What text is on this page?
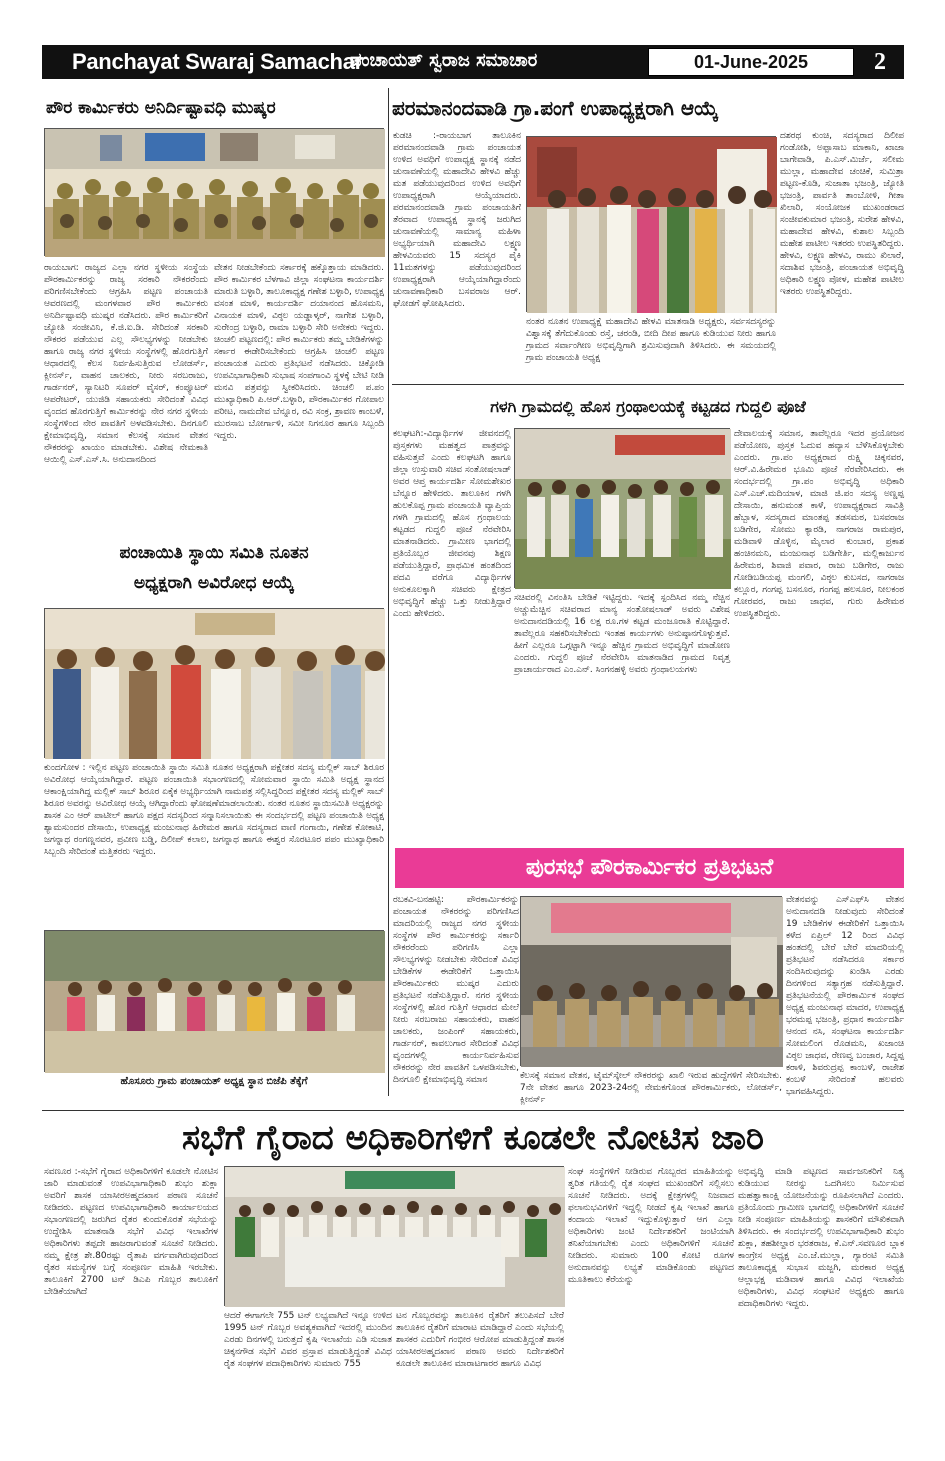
Panchayat Swaraj Samachar
ಪಂಚಾಯತ್ ಸ್ವರಾಜ ಸಮಾಚಾರ	01-June-2025	2
ಪೌರ ಕಾರ್ಮಿಕರು ಅನಿರ್ದಿಷ್ಟಾವಧಿ ಮುಷ್ಕರ
ರಾಯಬಾಗ: ರಾಜ್ಯದ ಎಲ್ಲಾ ನಗರ ಸ್ಥಳೀಯ ಸಂಸ್ಥೆಯ ಪೌರಕಾರ್ಮಿಕರನ್ನು ರಾಜ್ಯ ಸರಕಾರಿ ನೌಕರರೆಂದು ಪರಿಗಣಿಸಬೇಕೆಂದು ಆಗ್ರಹಿಸಿ ಪಟ್ಟಣ ಪಂಚಾಯತಿ ಆವರಣದಲ್ಲಿ ಮಂಗಳವಾರ ಪೌರ ಕಾರ್ಮಿಕರು ಅನಿರ್ದಿಷ್ಟಾವಧಿ ಮುಷ್ಕರ ನಡೆಸಿದರು. ಪೌರ ಕಾರ್ಮಿಕರಿಗೆ ಜ್ಯೋತಿ ಸಂಜೀವಿನಿ, ಕೆ.ಜಿ.ಐ.ಡಿ. ಸೇರಿದಂತೆ ಸರಕಾರಿ ನೌಕರರ ಪಡೆಯುವ ಎಲ್ಲ ಸೌಲಭ್ಯಗಳನ್ನು ನೀಡಬೇಕು ಹಾಗೂ ರಾಜ್ಯ ನಗರ ಸ್ಥಳೀಯ ಸಂಸ್ಥೆಗಳಲ್ಲಿ ಹೊರಗುತ್ತಿಗೆ ಆಧಾರದಲ್ಲಿ ಕೆಲಸ ನಿರ್ವಹಿಸುತ್ತಿರುವ ಲೋಡರ್ಸ್, ಕ್ಲೀನರ್ಸ್, ವಾಹನ ಚಾಲಕರು, ನೀರು ಸರಬರಾಜು, ಗಾರ್ಡನರ್, ಸ್ಯಾನಿಟರಿ ಸೂಪರ್ ವೈಸರ್, ಕಂಪ್ಯೂಟರ್ ಆಪರೇಟರ್, ಯುಜಿಡಿ ಸಹಾಯಕರು ಸೇರಿದಂತೆ ವಿವಿಧ ವೃಂದದ ಹೊರಗುತ್ತಿಗೆ ಕಾರ್ಮಿಕರನ್ನು ನೇರ ನಗರ ಸ್ಥಳೀಯ ಸಂಸ್ಥೆಗಳಿಂದ ನೇರ ಪಾವತಿಗೆ ಅಳವಡಿಸಬೇಕು. ದಿನಗೂಲಿ ಕ್ಷೇಮಾಭಿವೃದ್ಧಿ, ಸಮಾನ ಕೆಲಸಕ್ಕೆ ಸಮಾನ ವೇತನ ನೌಕರರನ್ನು ಖಾಯಂ ಮಾಡಬೇಕು. ವಿಶೇಷ ನೇಮಕಾತಿ ಆಯಿಲ್ಲಿ ಎಸ್.ಎಸ್.ಸಿ. ಅನುದಾನದಿಂದ
ವೇತನ ನೀಡಬೇಕೆಂದು ಸರ್ಕಾರಕ್ಕೆ ಹಕ್ಕೊತ್ತಾಯ ಮಾಡಿದರು. ಪೌರ ಕಾರ್ಮಿಕರ ಬೆಳಗಾವಿ ಜಿಲ್ಲಾ ಸಂಘಟನಾ ಕಾರ್ಯದರ್ಶಿ ಮಾರುತಿ ಬಳ್ಳಾರಿ, ತಾಲೂಕಾಧ್ಯಕ್ಷ ಗಣೇಶ ಬಳ್ಳಾರಿ, ಉಪಾಧ್ಯಕ್ಷ ವಸಂತ ಮಾಳಿ, ಕಾರ್ಯದರ್ಶಿ ದಯಾನಂದ ಹೊಸಮನಿ, ವಿನಾಯಕ ಮಾಳಿ, ವಿಠ್ಠಲ ಯಡ್ಡಾಳ್ಕರ್, ನಾಗೇಶ ಬಳ್ಳಾರಿ, ಸುರೇಂದ್ರ ಬಳ್ಳಾರಿ, ರಾಮಾ ಬಳ್ಳಾರಿ ಸೇರಿ ಅನೇಕರು ಇದ್ದರು. ಚಿಂಚಲಿ ಪಟ್ಟಣದಲ್ಲಿ: ಪೌರ ಕಾರ್ಮಿಕರು ತಮ್ಮ ಬೇಡಿಕೆಗಳನ್ನು ಸರ್ಕಾರ ಈಡೇರಿಸಬೇಕೆಂದು ಆಗ್ರಹಿಸಿ ಚಿಂಚಲಿ ಪಟ್ಟಣ ಪಂಚಾಯತ ಎದುರು ಪ್ರತಿಭಟನೆ ನಡೆಸಿದರು. ಚಿಕ್ಕೋಡಿ ಉಪವಿಭಾಗಾಧಿಕಾರಿ ಸುಭಾಷ ಸಂಪಗಾಂವಿ ಸ್ಥಳಕ್ಕೆ ಬೇಟಿ ನೀಡಿ ಮನವಿ ಪತ್ರವನ್ನು ಸ್ವೀಕರಿಸಿದರು. ಚಿಂಚಲಿ ಪ.ಪಂ ಮುಖ್ಯಾಧಿಕಾರಿ ಪಿ.ಆರ್.ಬಳ್ಳಾರಿ, ಪೌರಕಾರ್ಮಿಕರ ಗೋಪಾಲ ಪರೀಟ, ನಾಮದೇವ ಬೆನ್ನೂರ, ರವಿ ಸಂಕ್ರ, ಶ್ರಾವಣ ಕಾಂಬಳೆ, ಮುರಸಾಬ ಬೋರ್ಗಾಳಿ, ಸಮೀ ನಿಗನೂರ ಹಾಗೂ ಸಿಬ್ಬಂದಿ ಇದ್ದರು.
ಪಂಚಾಯಿತಿ ಸ್ಥಾಯಿ ಸಮಿತಿ ನೂತನ
ಅಧ್ಯಕ್ಷರಾಗಿ ಅವಿರೋಧ ಆಯ್ಕೆ
ಕುಂದಗೋಳ : ಇಲ್ಲಿನ ಪಟ್ಟಣ ಪಂಚಾಯಿತಿ ಸ್ಥಾಯಿ ಸಮಿತಿ ನೂತನ ಅಧ್ಯಕ್ಷರಾಗಿ ಪಕ್ಷೇತರ ಸದಸ್ಯ ಮಲ್ಲಿಕ್ ಸಾಬ್ ಶಿರೂರ ಅವಿರೋಧ ಆಯ್ಕೆಯಾಗಿದ್ದಾರೆ. ಪಟ್ಟಣ ಪಂಚಾಯಿತಿ ಸಭಾಂಗಣದಲ್ಲಿ ಸೋಮವಾರ ಸ್ಥಾಯಿ ಸಮಿತಿ ಅಧ್ಯಕ್ಷ ಸ್ಥಾನದ ಆಕಾಂಕ್ಷಿಯಾಗಿದ್ದ ಮಲ್ಲಿಕ್ ಸಾಬ್ ಶಿರೂರ ಏಕೈಕ ಅಭ್ಯರ್ಥಿಯಾಗಿ ನಾಮಪತ್ರ ಸಲ್ಲಿಸಿದ್ದರಿಂದ ಪಕ್ಷೇತರ ಸದಸ್ಯ ಮಲ್ಲಿಕ್ ಸಾಬ್ ಶಿರೂರ ಅವರನ್ನು ಅವಿರೋಧ ಆಯ್ಕೆ ಆಗಿದ್ದಾರೆಂದು ಘೋಷಣೆಮಾಡಲಾಯಿತು. ನಂತರ ನೂತನ ಸ್ಥಾಯಿಸಮಿತಿ ಅಧ್ಯಕ್ಷರನ್ನು ಶಾಸಕ ಎಂ ಆರ್ ಪಾಟೀಲ್ ಹಾಗೂ ಪಕ್ಷದ ಸದಸ್ಯರಿಂದ ಸನ್ಮಾನಿಸಲಾಯಿತು ಈ ಸಂದರ್ಭದಲ್ಲಿ ಪಟ್ಟಣ ಪಂಚಾಯಿತಿ ಅಧ್ಯಕ್ಷ ಶ್ಯಾಮಸುಂದರ ದೇಸಾಯಿ, ಉಪಾಧ್ಯಕ್ಷ ಮಂಜುನಾಥ ಹಿರೇಮಠ ಹಾಗೂ ಸದಸ್ಯರಾದ ವಾಣಿ ಗಂಗಾಯಿ, ಗಣೇಶ ಕೋಕಾಟಿ, ಜಗನ್ನಾಥ ರಂಗಣ್ಣನವರ, ಪ್ರವೀಣ ಬಡ್ಡಿ, ದಿಲೀಪ್ ಕಲಾಲ, ಜಗನ್ನಾಥ ಹಾಗೂ ಈಶ್ವರ ಸೊರಟೂರ ಪಪಂ ಮುಖ್ಯಾಧಿಕಾರಿ ಸಿಬ್ಬಂದಿ ಸೇರಿದಂತೆ ಮತ್ತಿತರರು ಇದ್ದರು.
ಹೊಸೂರು ಗ್ರಾಮ ಪಂಚಾಯತ್ ಅಧ್ಯಕ್ಷ ಸ್ಥಾನ ಬಿಜೆಪಿ ತೆಕ್ಕೆಗೆ
ಪರಮಾನಂದವಾಡಿ ಗ್ರಾ.ಪಂಗೆ ಉಪಾಧ್ಯಕ್ಷರಾಗಿ ಆಯ್ಕೆ
ಕುಡಚಿ :-ರಾಯಬಾಗ ತಾಲೂಕಿನ ಪರಮಾನಂದವಾಡಿ ಗ್ರಾಮ ಪಂಚಾಯತ ಉಳಿದ ಅವಧಿಗೆ ಉಪಾಧ್ಯಕ್ಷ ಸ್ಥಾನಕ್ಕೆ ನಡೆದ ಚುನಾವಣೆಯಲ್ಲಿ ಮಹಾದೇವಿ ಹೇಳವಿ ಹೆಚ್ಚು ಮತ ಪಡೆಯುವುದರಿಂದ ಉಳಿದ ಅವಧಿಗೆ ಉಪಾಧ್ಯಕ್ಷರಾಗಿ ಆಯ್ಕೆಯಾದರು. ಪರಮಾನಂದವಾಡಿ ಗ್ರಾಮ ಪಂಚಾಯತಿಗೆ ತೆರವಾದ ಉಪಾಧ್ಯಕ್ಷ ಸ್ಥಾನಕ್ಕೆ ಜರುಗಿದ ಚುನಾವಣೆಯಲ್ಲಿ ಸಾಮಾನ್ಯ ಮಹಿಳಾ ಅಭ್ಯರ್ಥಿಯಾಗಿ ಮಹಾದೇವಿ ಲಕ್ಷ್ಮಣ ಹೇಳವಿಯವರು 15 ಸದಸ್ಯರ ಪೈಕಿ 11ಮತಗಳನ್ನು ಪಡೆಯುವುದರಿಂದ ಉಪಾಧ್ಯಕ್ಷರಾಗಿ ಆಯ್ಕೆಯಾಗಿದ್ದಾರೆಂದು ಚುನಾವಣಾಧಿಕಾರಿ ಬಸವರಾಜ ಆರ್. ಘೋಡಗೆ ಘೋಷಿಸಿದರು.
ನಂತರ ನೂತನ ಉಪಾಧ್ಯಕ್ಷೆ ಮಹಾದೇವಿ ಹೇಳವಿ ಮಾತನಾಡಿ ಅಧ್ಯಕ್ಷರು, ಸರ್ವಸದಸ್ಯರನ್ನು ವಿಶ್ವಾಸಕ್ಕೆ ತೆಗೆದುಕೊಂಡು ರಸ್ತೆ, ಚರಂಡಿ, ಬೀದಿ ದೀಪ ಹಾಗೂ ಕುಡಿಯುವ ನೀರು ಹಾಗೂ ಗ್ರಾಮದ ಸರ್ವಾಂಗೀಣ ಅಭಿವೃದ್ಧಿಗಾಗಿ ಶ್ರಮಿಸುವುದಾಗಿ ತಿಳಿಸಿದರು. ಈ ಸಮಯದಲ್ಲಿ ಗ್ರಾಮ ಪಂಚಾಯತಿ ಅಧ್ಯಕ್ಷ
ದಶರಥ ಕುಂಚಿ, ಸದಸ್ಯರಾದ ದಿಲೀಪ ಗಂಡೋಶಿ, ಅಪ್ಪಾಸಾಬ ಮಾಕಾನಿ, ಖಾಜಾ ಬಾಗೇವಾಡಿ, ಪಿ.ಎಸ್.ಮಿರ್ಜೆ, ಸಲೀಮ ಮುಲ್ಲಾ, ಮಹಾದೇವ ಚಂಚಿಕೆ, ಸುಮಿತ್ರಾ ಪಟ್ಟಣ-ಕೊಡಿ, ಸುಜಾತಾ ಭಜಂತ್ರಿ, ಜ್ಯೋತಿ ಭಜಂತ್ರಿ, ಪಾರ್ವತಿ ತಾಂಬೋಳಿ, ಗೀತಾ ಖಿಲಾರಿ, ಸಂಯೋಜಕ ಮುಖಂಡರಾದ ಸಂಜೀವಕುಮಾರ ಭಜಂತ್ರಿ, ಸುರೇಶ ಹೇಳವಿ, ಮಹಾದೇವ ಹೇಳವಿ, ಕುಶಾಲ ಸಿಬ್ಬಂದಿ ಮಹೇಶ ಪಾಟೀಲ ಇತರರು ಉಪಸ್ಥಿತರಿದ್ದರು. ಹೇಳವಿ, ಲಕ್ಷ್ಮಣ ಹೇಳವಿ, ರಾಮು ಖಿಲಾರೆ, ಸದಾಶಿವ ಭಜಂತ್ರಿ, ಪಂಚಾಯತ ಅಭಿವೃದ್ಧಿ ಅಧಿಕಾರಿ ಲಕ್ಷ್ಮಣ ಪೋಳ, ಮಹೇಶ ಪಾಟೀಲ ಇತರರು ಉಪಸ್ಥಿತರಿದ್ದರು.
ಗಳಗಿ ಗ್ರಾಮದಲ್ಲಿ ಹೊಸ ಗ್ರಂಥಾಲಯಕ್ಕೆ ಕಟ್ಟಡದ ಗುದ್ದಲಿ ಪೂಜೆ
ಕಲಘಟಗಿ:-ವಿದ್ಯಾರ್ಥಿಗಳ ಜೀವನದಲ್ಲಿ ಪುಸ್ತಕಗಳು ಮಹತ್ವದ ಪಾತ್ರವನ್ನು ವಹಿಸುತ್ತವೆ ಎಂದು ಕಲಘಟಗಿ ಹಾಗೂ ಜಿಲ್ಲಾ ಉಸ್ತುವಾರಿ ಸಚಿವ ಸಂತೋಷಲಾಡ್ ಅವರ ಆಪ್ತ ಕಾರ್ಯದರ್ಶಿ ಸೋಮಶೇಖರ ಬೆನ್ನೂರ ಹೇಳಿದರು. ತಾಲೂಕಿನ ಗಳಗಿ ಹುಲಕೊಪ್ಪ ಗ್ರಾಮ ಪಂಚಾಯತಿ ವ್ಯಾಪ್ತಿಯ ಗಳಗಿ ಗ್ರಾಮದಲ್ಲಿ ಹೊಸ ಗ್ರಂಥಾಲಯ ಕಟ್ಟಡದ ಗುದ್ದಲಿ ಪೂಜೆ ನೆರವೇರಿಸಿ ಮಾತನಾಡಿದರು. ಗ್ರಾಮೀಣ ಭಾಗದಲ್ಲಿ ಪ್ರತಿಯೊಬ್ಬರ ಜೀವನವು ಶಿಕ್ಷಣ ಪಡೆಯುತ್ತಿದ್ದಾರೆ, ಪ್ರಾಥಮಿಕ ಹಂತದಿಂದ ಪದವಿ ವರೆಗೂ ವಿದ್ಯಾರ್ಥಿಗಳ ಅನುಕೂಲಕ್ಕಾಗಿ ಸಚಿವರು ಕ್ಷೇತ್ರದ ಅಭಿವೃದ್ಧಿಗೆ ಹೆಚ್ಚು ಒತ್ತು ನೀಡುತ್ತಿದ್ದಾರೆ ಎಂದು ಹೇಳಿದರು.
ಸಚಿವರಲ್ಲಿ ವಿನಂತಿಸಿ ಬೇಡಿಕೆ ಇಟ್ಟಿದ್ದರು. ಇದಕ್ಕೆ ಸ್ಪಂದಿಸಿದ ನಮ್ಮ ನೆಚ್ಚಿನ ಅಚ್ಚುಮೆಚ್ಚಿನ ಸಚಿವರಾದ ಮಾನ್ಯ ಸಂತೋಷಲಾಡ್ ಅವರು ವಿಶೇಷ ಅನುದಾನದಡಿಯಲ್ಲಿ 16 ಲಕ್ಷ ರೂ.ಗಳ ಕಟ್ಟಡ ಮಂಜೂರಾತಿ ಕೊಟ್ಟಿದ್ದಾರೆ. ತಾವೆಲ್ಲರೂ ಸಹಕರಿಸಬೇಕೆಂದು ಇಂತಹ ಕಾರ್ಯಗಳು ಅನುಷ್ಠಾನಗೊಳ್ಳುತ್ತವೆ. ಹೀಗೆ ಎಲ್ಲರೂ ಒಗ್ಗಟ್ಟಾಗಿ ಇನ್ನೂ ಹೆಚ್ಚಿನ ಗ್ರಾಮದ ಅಭಿವೃದ್ಧಿಗೆ ಮಾಡೋಣ ಎಂದರು. ಗುದ್ದಲಿ ಪೂಜೆ ನೆರವೇರಿಸಿ ಮಾತನಾಡಿದ ಗ್ರಾಮದ ನಿವೃತ್ತ ಪ್ರಾಚಾರ್ಯರಾದ ಎಂ.ಎನ್. ಸಿಂಗನಹಳ್ಳಿ ಅವರು ಗ್ರಂಥಾಲಯಗಳು
ದೇವಾಲಯಕ್ಕೆ ಸಮಾನ, ತಾವೆಲ್ಲರೂ ಇದರ ಪ್ರಯೋಜನ ಪಡೆಯೋಣ, ಪುಸ್ತಕ ಓದುವ ಹವ್ಯಾಸ ಬೆಳೆಸಿಕೊಳ್ಳಬೇಕು ಎಂದರು. ಗ್ರಾ.ಪಂ ಅಧ್ಯಕ್ಷರಾದ ರುಕ್ಷ್ಮಿ ಚಿಕ್ಕನವರ, ಆರ್.ವಿ.ಹಿರೇಮಠ ಭೂಮಿ ಪೂಜೆ ನೆರವೇರಿಸಿದರು. ಈ ಸಂದರ್ಭದಲ್ಲಿ ಗ್ರಾ.ಪಂ ಅಭಿವೃದ್ಧಿ ಅಧಿಕಾರಿ ಎಸ್.ಎಚ್.ಮದಿಯಾಳ, ಮಾಜಿ ಜಿ.ಪಂ ಸದಸ್ಯ ಅಣ್ಣಪ್ಪ ದೇಸಾಯಿ, ಹನುಮಂತ ಕಾಳೆ, ಉಪಾಧ್ಯಕ್ಷರಾದ ಸಾವಿತ್ರಿ ಹೆಬ್ಬಾಳ, ಸದಸ್ಯರಾದ ಮಾಂತಪ್ಪ ತಡಸಮಠ, ಬಸವರಾಜ ಬಡಿಗೇರ, ಸೋಮು ಕ್ಯಾರಡಿ, ನಾಗರಾಜ ರಾಮಪುರ, ಮಡಿವಾಳಿ ಡೊಳ್ಳಿನ, ಮೈಲಾರ ಕುಂಬಾರ, ಪ್ರಕಾಶ ಹಂಚಿನಮನಿ, ಮಂಜುನಾಥ ಬಡಿಗೇರ್ತಿ, ಮಲ್ಲಿಕಾರ್ಜುನ ಹಿರೇಮಠ, ಶಿವಾಜಿ ಪವಾರ, ರಾಜು ಬಡಿಗೇರ, ರಾಜು ಗೋಡಿಬಡಿಯಪ್ಪ ಮಂಗಲಿ, ವಿಠ್ಠಲ ಕುಬಸದ, ನಾಗರಾಜ ಕಲ್ಲೂರ, ಗಂಗಪ್ಪ ಬಸನೂರ, ಗಂಗಪ್ಪ ಹಲಸೂರ, ನೀಲಕಂಠ ಗೋರವರ, ರಾಜು ಜಾಧವ, ಗುರು ಹಿರೇಮಠ ಉಪಸ್ಥಿತರಿದ್ದರು.
ಪುರಸಭೆ ಪೌರಕಾರ್ಮಿಕರ ಪ್ರತಿಭಟನೆ
ರಬಕವಿ-ಬನಹಟ್ಟಿ: ಪೌರಕಾರ್ಮಿಕರನ್ನು ಪಂಚಾಯತ ನೌಕರರನ್ನು ಪರಿಗಣಿಸಿದ ಮಾದರಿಯಲ್ಲಿ ರಾಜ್ಯದ ನಗರ ಸ್ಥಳೀಯ ಸಂಸ್ಥೆಗಳ ಪೌರ ಕಾರ್ಮಿಕರನ್ನು ಸರ್ಕಾರಿ ನೌಕರರೆಂದು ಪರಿಗಣಿಸಿ ಎಲ್ಲಾ ಸೌಲಭ್ಯಗಳನ್ನು ನೀಡಬೇಕು ಸೇರಿದಂತೆ ವಿವಿಧ ಬೇಡಿಕೆಗಳ ಈಡೇರಿಕೆಗೆ ಒತ್ತಾಯಿಸಿ ಪೌರಕಾರ್ಮಿಕರು ಮುಷ್ಕರ ಎದುರು ಪ್ರತಿಭಟನೆ ನಡೆಸುತ್ತಿದ್ದಾರೆ. ನಗರ ಸ್ಥಳೀಯ ಸಂಸ್ಥೆಗಳಲ್ಲಿ ಹೊರ ಗುತ್ತಿಗೆ ಆಧಾರದ ಮೇಲೆ ನೀರು ಸರಬರಾಜು ಸಹಾಯಕರು, ವಾಹನ ಚಾಲಕರು, ಜಂಪಿಂಗ್ ಸಹಾಯಕರು, ಗಾರ್ಡನರ್, ಕಾವಲುಗಾರ ಸೇರಿದಂತೆ ವಿವಿಧ ವೃಂದಗಳಲ್ಲಿ ಕಾರ್ಯನಿರ್ವಹಿಸುವ ನೌಕರರನ್ನು ನೇರ ಪಾವತಿಗೆ ಒಳಪಡಿಸಬೇಕು, ದಿನಗೂಲಿ ಕ್ಷೇಮಾಭಿವೃದ್ಧಿ ಸಮಾನ	ಕೆಲಸಕ್ಕೆ ಸಮಾನ ವೇತನ, ಟೈಮ್‌ಸ್ಕೇಲ್ ನೌಕರರನ್ನು ಖಾಲಿ ಇರುವ ಹುದ್ದೆಗಳಿಗೆ ಸೇರಿಸಬೇಕು. 7ನೇ ವೇತನ ಹಾಗೂ 2023-24ರಲ್ಲಿ ನೇಮಕಗೊಂಡ ಪೌರಕಾರ್ಮಿಕರು, ಲೋಡರ್ಸ್, ಕ್ಲೀನರ್ಸ್
ವೇತನವನ್ನು ಎಸ್‌ಎಫ್‌ಸಿ ವೇತನ ಅನುದಾನದಡಿ ನೀಡುವುದು ಸೇರಿದಂತೆ 19 ಬೇಡಿಕೆಗಳ ಈಡೇರಿಕೆಗೆ ಒತ್ತಾಯಿಸಿ ಕಳೆದ ಏಪ್ರಿಲ್ 12 ರಿಂದ ವಿವಿಧ ಹಂತದಲ್ಲಿ ಬೇರೆ ಬೇರೆ ಮಾದರಿಯಲ್ಲಿ ಪ್ರತಿಭಟನೆ ನಡೆಸಿದರೂ ಸರ್ಕಾರ ಸಂದಿಸಿರುವುದನ್ನು ಖಂಡಿಸಿ ಎರಡು ದಿನಗಳಿಂದ ಸತ್ಯಾಗ್ರಹ ನಡೆಸುತ್ತಿದ್ದಾರೆ. ಪ್ರತಿಭಟನೆಯಲ್ಲಿ ಪೌರಕಾರ್ಮಿಕ ಸಂಘದ ಅಧ್ಯಕ್ಷ ಮಂಜುನಾಥ ಮಾದರ, ಉಪಾಧ್ಯಕ್ಷ ಭರಮಪ್ಪ ಭಜಂತ್ರಿ, ಪ್ರಧಾನ ಕಾರ್ಯದರ್ಶಿ ಆನಂದ ನಸಿ, ಸಂಘಟನಾ ಕಾರ್ಯದರ್ಶಿ ಸೋಮಲಿಂಗ ರೊಡಮನಿ, ಖಜಾಂಚಿ ವಿಠ್ಠಲ ಜಾಧವ, ರೇಣವ್ವ ಬಂಜಾರ, ಸಿದ್ದಪ್ಪ ಕರಾಳಿ, ಶಿವರುದ್ರಪ್ಪ ಕಾಂಬಳೆ, ರಾಜೇಶ ಕಂಬಳೆ ಸೇರಿದಂತೆ ಹಲವರು ಭಾಗವಹಿಸಿದ್ದರು.
ಸಭೆಗೆ ಗೈರಾದ ಅಧಿಕಾರಿಗಳಿಗೆ ಕೂಡಲೇ ನೋಟಿಸ ಜಾರಿ
ಸವಣೂರ :-ಸಭೆಗೆ ಗೈರಾದ ಅಧಿಕಾರಿಗಳಿಗೆ ಕೂಡಲೇ ನೋಟಿಸ ಜಾರಿ ಮಾಡುವಂತೆ ಉಪವಿಭಾಗಾಧಿಕಾರಿ ಶುಭಂ ಶುಕ್ಲಾ ಅವರಿಗೆ ಶಾಸಕ ಯಾಸೀರಅಹ್ಮದಖಾನ ಪಠಾಣ ಸೂಚನೆ ನೀಡಿದರು. ಪಟ್ಟಣದ ಉಪವಿಭಾಗಾಧಿಕಾರಿ ಕಾರ್ಯಾಲಯದ ಸಭಾಂಗಣದಲ್ಲಿ ಜರುಗಿದ ರೈತರ ಕುಂದುಕೊರತೆ ಸಭೆಯನ್ನು ಉದ್ದೇಶಿಸಿ ಮಾತನಾಡಿ ಸಭೆಗೆ ವಿವಿಧ ಇಲಾಖೆಗಳ ಅಧಿಕಾರಿಗಳು ತಪ್ಪದೇ ಹಾಜರಾಗುವಂತೆ ಸೂಚನೆ ನೀಡಿದರು. ನಮ್ಮ ಕ್ಷೇತ್ರ ಶೇ.80ರಷ್ಟು ರೈತಾಪಿ ವರ್ಗವಾಗಿರುವುದರಿಂದ ರೈತರ ಸಮಸ್ಯೆಗಳ ಬಗ್ಗೆ ಸಂಪೂರ್ಣ ಮಾಹಿತಿ ಇರಬೇಕು. ತಾಲೂಕಿಗೆ 2700 ಟನ್ ಡಿಎಪಿ ಗೊಬ್ಬರ ತಾಲೂಕಿಗೆ ಬೇಡಿಕೆಯಾಗಿದೆ
ಆದರೆ ಈಗಾಗಲೇ 755 ಟನ್ ಲಭ್ಯವಾಗಿದೆ ಇನ್ನೂ ಉಳಿದ 1995 ಟನ್ ಗೊಬ್ಬರ ಅವಶ್ಯಕವಾಗಿದೆ ಇದರಲ್ಲಿ ಮುಂದಿನ ಎರಡು ದಿನಗಳಲ್ಲಿ ಬರುತ್ತದೆ ಕೃಷಿ ಇಲಾಖೆಯ ಎಡಿ ಸುಜಾತ ಚಿಕ್ಕನಗೌಡ ಸಭೆಗೆ ವಿವರ ಪ್ರಸ್ತಾಪ ಮಾಡುತ್ತಿದ್ದಂತೆ ವಿವಿಧ ರೈತ ಸಂಘಗಳ ಪದಾಧಿಕಾರಿಗಳು ಸುಮಾರು 755
ಟನ ಗೊಬ್ಬರವನ್ನು ತಾಲೂಕಿನ ರೈತರಿಗೆ ತಲುಪಿಸದೆ ಬೇರೆ ತಾಲೂಕಿನ ರೈತರಿಗೆ ಮಾರಾಟ ಮಾಡಿದ್ದಾರೆ ಎಂದು ಸಭೆಯಲ್ಲಿ ಶಾಸಕರ ಎದುರಿಗೆ ಗಂಭೀರ ಆರೋಪ ಮಾಡುತ್ತಿದ್ದಂತೆ ಶಾಸಕ ಯಾಸೀರಅಹ್ಮದಖಾನ ಪಠಾಣ ಅವರು ನಿರ್ದೇಶಕರಿಗೆ ಕೂಡಲೇ ತಾಲೂಕಿನ ಮಾರಾಟಗಾರರ ಹಾಗೂ ವಿವಿಧ
ಸಂಘ ಸಂಸ್ಥೆಗಳಿಗೆ ನೀಡಿರುವ ಗೊಬ್ಬರದ ಮಾಹಿತಿಯನ್ನು ತ್ವರಿತ ಗತಿಯಲ್ಲಿ ರೈತ ಸಂಘದ ಮುಖಂಡರಿಗೆ ಸಲ್ಲಿಸಲು ಸೂಚನೆ ನೀಡಿದರು. ಅದಕ್ಕೆ ಕ್ಷೇತ್ರಗಳಲ್ಲಿ ನಿಜವಾದ ಫಲಾನುಭವಿಗಳಿಗೆ ಇದ್ದಲ್ಲಿ ನೀಡದೆ ಕೃಷಿ ಇಲಾಖೆ ಹಾಗೂ ಕಂದಾಯ ಇಲಾಖೆ ಇದ್ದುಕೊಳ್ಳುತ್ತಾರೆ ಆಗ ಎಲ್ಲಾ ಅಧಿಕಾರಿಗಳು ಜಂಟಿ ನಿರ್ದೇಶಕರಿಗೆ ಜಂಟಿಯಾಗಿ ತನಿಖೆಯಾಗಬೇಕು ಎಂದು ಅಧಿಕಾರಿಗಳಿಗೆ ಸೂಚನೆ ನೀಡಿದರು. ಸುಮಾರು 100 ಕೋಟಿ ರೂಗಳ ಅನುದಾನವನ್ನು ಲಭ್ಯತೆ ಮಾಡಿಕೊಂಡು ಪಟ್ಟಣದ ಮೂತಿಕಾಲು ಕೆರೆಯನ್ನು
ಅಭಿವೃದ್ಧಿ ಮಾಡಿ ಪಟ್ಟಣದ ಸಾರ್ವಜನಿಕರಿಗೆ ನಿತ್ಯ ಕುಡಿಯುವ ನೀರನ್ನು ಒದಗಿಸಲು ನಿರ್ಮಿಸುವ ಮಹತ್ವಾಕಾಂಕ್ಷಿ ಯೋಜನೆಯನ್ನು ರೂಪಿಸಲಾಗಿದೆ ಎಂದರು. ಪ್ರತಿಯೊಂದು ಗ್ರಾಮೀಣ ಭಾಗದಲ್ಲಿ ಅಧಿಕಾರಿಗಳಿಗೆ ಸೂಚನೆ ನೀಡಿ ಸಂಪೂರ್ಣ ಮಾಹಿತಿಯನ್ನು ಶಾಸಕರಿಗೆ ಮೌಖಿಕವಾಗಿ ತಿಳಿಸಿದರು. ಈ ಸಂದರ್ಭದಲ್ಲಿ ಉಪವಿಭಾಗಾಧಿಕಾರಿ ಶುಭಂ ಶುಕ್ಲಾ, ತಹಶೀಲ್ದಾರ ಭರತರಾಜ, ಕೆ.ಎನ್.ಸವಣೂರ ಬ್ಲಾಕ ಕಾಂಗ್ರೇಸ ಅಧ್ಯಕ್ಷ ಎಂ.ಜೆ.ಮುಲ್ಲಾ, ಗ್ಯಾರಂಟಿ ಸಮಿತಿ ತಾಲೂಕಾಧ್ಯಕ್ಷ ಸುಭಾಸ ಮಜ್ಜಗಿ, ಮರಕಾರ ಅಧ್ಯಕ್ಷ ಆಲ್ಲಾಭಕ್ಷ ಮಡಿವಾಳ ಹಾಗೂ ವಿವಿಧ ಇಲಾಖೆಯ ಅಧಿಕಾರಿಗಳು, ವಿವಿಧ ಸಂಘಟನೆ ಅಧ್ಯಕ್ಷರು ಹಾಗೂ ಪದಾಧಿಕಾರಿಗಳು ಇದ್ದರು.
